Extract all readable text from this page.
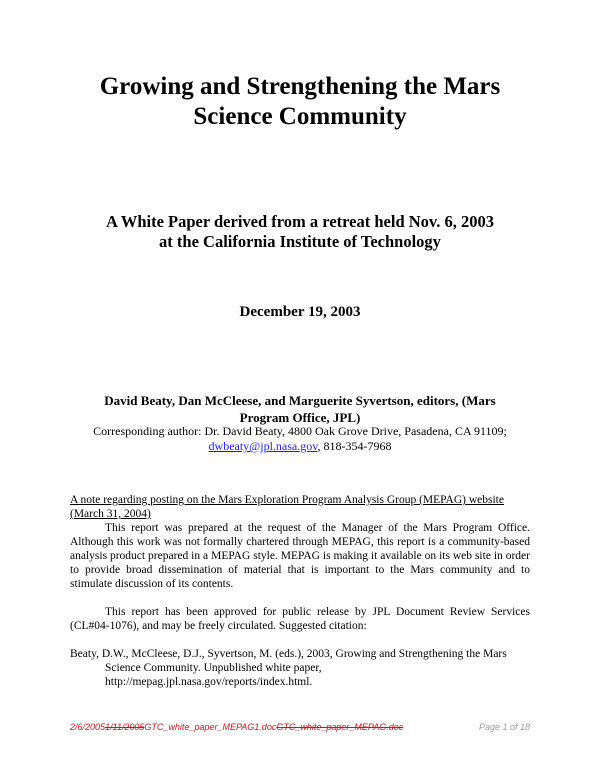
Growing and Strengthening the Mars
Science Community
A White Paper derived from a retreat held Nov. 6, 2003
at the California Institute of Technology
December 19, 2003
David Beaty, Dan McCleese, and Marguerite Syvertson, editors, (Mars
Program Office, JPL)
Corresponding author: Dr. David Beaty, 4800 Oak Grove Drive, Pasadena, CA 91109;
dwbeaty@jpl.nasa.gov, 818-354-7968
A note regarding posting on the Mars Exploration Program Analysis Group (MEPAG) website (March 31, 2004)

This report was prepared at the request of the Manager of the Mars Program Office. Although this work was not formally chartered through MEPAG, this report is a community-based analysis product prepared in a MEPAG style. MEPAG is making it available on its web site in order to provide broad dissemination of material that is important to the Mars community and to stimulate discussion of its contents.

This report has been approved for public release by JPL Document Review Services (CL#04-1076), and may be freely circulated. Suggested citation:

Beaty, D.W., McCleese, D.J., Syvertson, M. (eds.), 2003, Growing and Strengthening the Mars Science Community. Unpublished white paper, http://mepag.jpl.nasa.gov/reports/index.html.

2/6/20051/11/2005GTC_white_paper_MEPAG1.docGTC_white_paper_MEPAG.doc	Page 1 of 18
